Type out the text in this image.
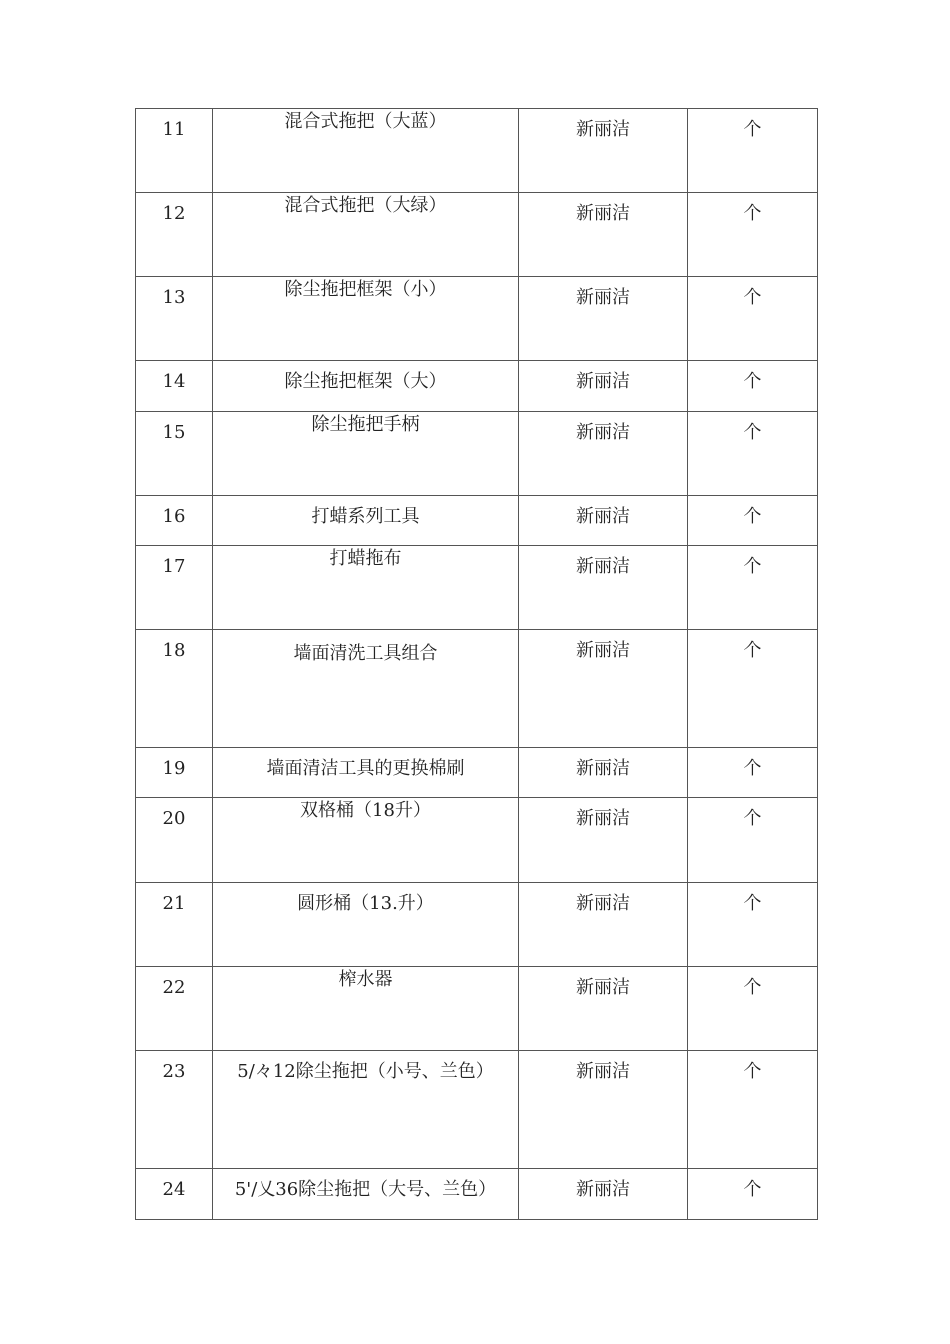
11	混合式拖把（大蓝）	新丽洁	个

12	混合式拖把（大绿）	新丽洁	个

13	除尘拖把框架（小）	新丽洁	个

14	除尘拖把框架（大）	新丽洁	个

15	除尘拖把手柄	新丽洁	个

16	打蜡系列工具	新丽洁	个

17	打蜡拖布	新丽洁	个

18	墙面清洗工具组合	新丽洁	个

19	墙面清洁工具的更换棉刷	新丽洁	个

20	双格桶（18升）	新丽洁	个

21	圆形桶（13.升）	新丽洁	个

22	榨水器	新丽洁	个

23	5/々12除尘拖把（小号、兰色）	新丽洁	个

24	5'/乂36除尘拖把（大号、兰色）	新丽洁	个
